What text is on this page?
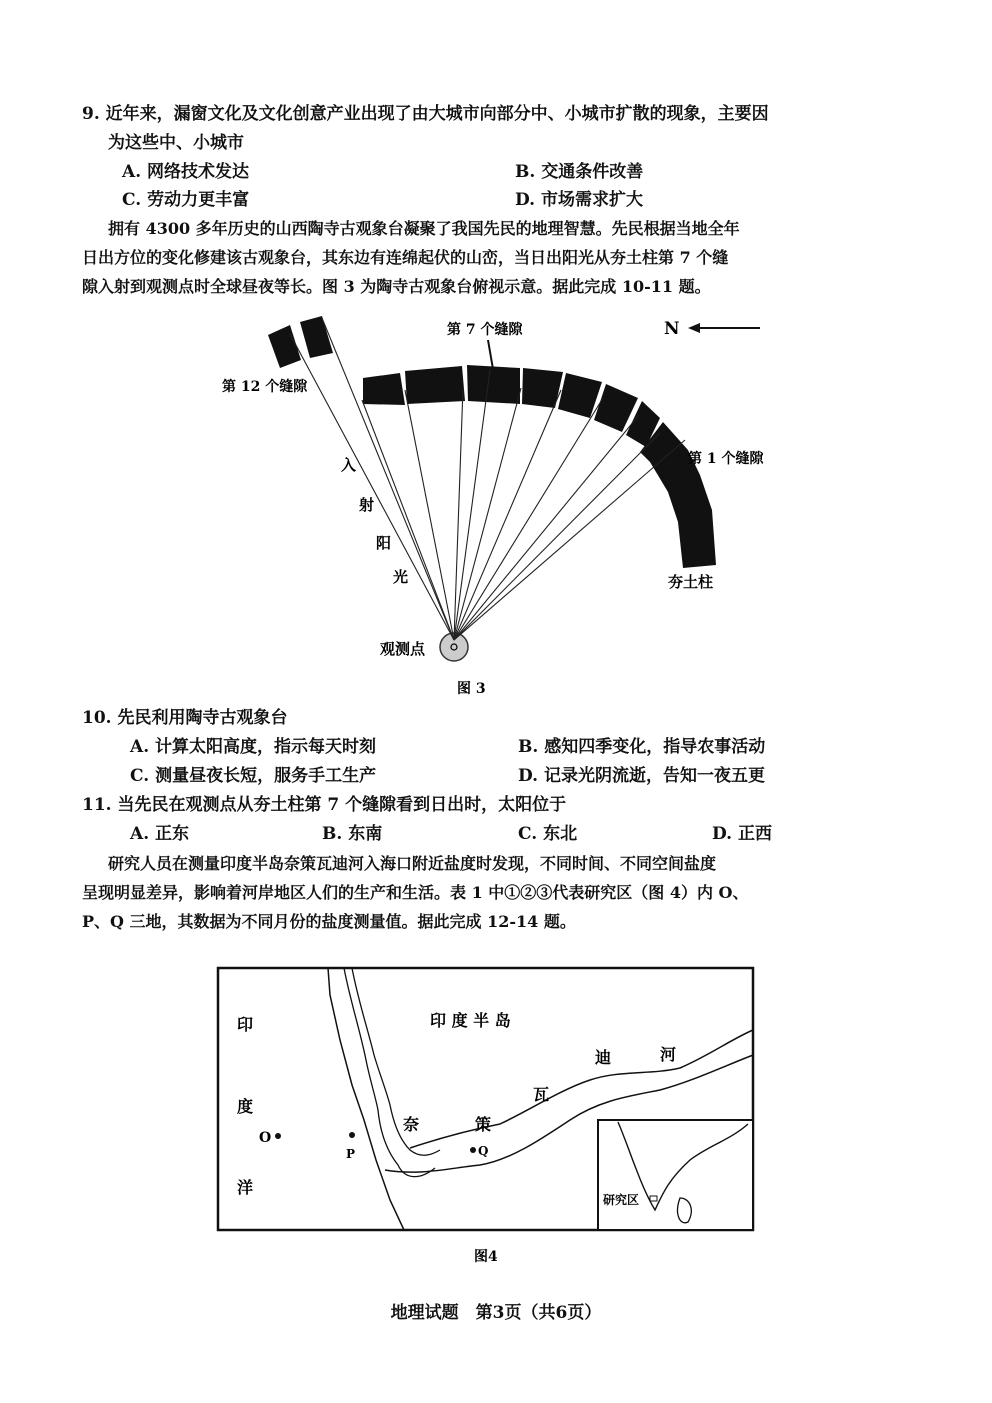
9. 近年来，漏窗文化及文化创意产业出现了由大城市向部分中、小城市扩散的现象，主要因
为这些中、小城市
A. 网络技术发达	B. 交通条件改善
C. 劳动力更丰富	D. 市场需求扩大
拥有 4300 多年历史的山西陶寺古观象台凝聚了我国先民的地理智慧。先民根据当地全年
日出方位的变化修建该古观象台，其东边有连绵起伏的山峦，当日出阳光从夯土柱第 7 个缝
隙入射到观测点时全球昼夜等长。图 3 为陶寺古观象台俯视示意。据此完成 10-11 题。
N
第 7 个缝隙
第 12 个缝隙
第 1 个缝隙
入
射
阳
光	夯土柱
观测点
图 3
10. 先民利用陶寺古观象台
A. 计算太阳高度，指示每天时刻	B. 感知四季变化，指导农事活动
C. 测量昼夜长短，服务手工生产	D. 记录光阴流逝，告知一夜五更
11. 当先民在观测点从夯土柱第 7 个缝隙看到日出时，太阳位于
A. 正东	B. 东南	C. 东北	D. 正西
研究人员在测量印度半岛奈策瓦迪河入海口附近盐度时发现，不同时间、不同空间盐度
呈现明显差异，影响着河岸地区人们的生产和生活。表 1 中①②③代表研究区（图 4）内 O、
P、Q 三地，其数据为不同月份的盐度测量值。据此完成 12-14 题。
印
度
洋
印 度 半 岛
奈	策
瓦
迪	河
O
P	Q
研究区
图4
地理试题　第3页（共6页）
